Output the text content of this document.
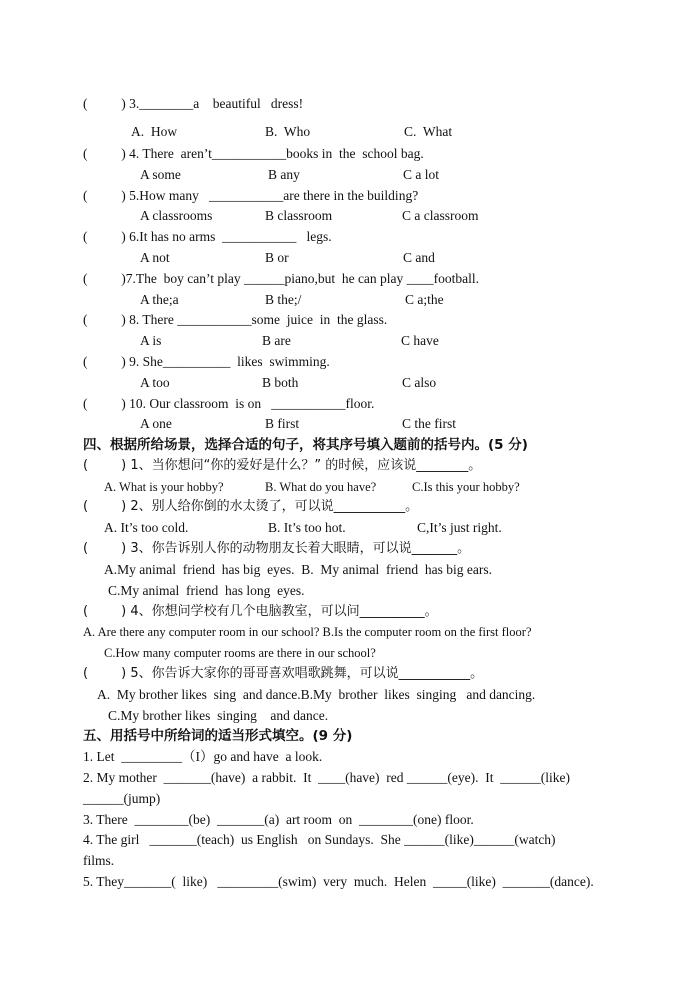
(          ) 3.________a    beautiful   dress!
A.  How	B.  Who	C.  What
(          ) 4. There  aren’t___________books in  the  school bag.
A some	B any	C a lot
(          ) 5.How many   ___________are there in the building?
A classrooms	B classroom	C a classroom
(          ) 6.It has no arms  ___________   legs.
A not	B or	C and
(          )7.The  boy can’t play ______piano,but  he can play ____football.
A the;a	B the;/	C a;the
(          ) 8. There ___________some  juice  in  the glass.
A is	B are	C have
(          ) 9. She__________  likes  swimming.
A too	B both	C also
(          ) 10. Our classroom  is on   ___________floor.
A one	B first	C the first
四、根据所给场景，选择合适的句子，将其序号填入题前的括号内。(5 分)
(        ) 1、当你想问“你的爱好是什么？” 的时候，应该说________。
A. What is your hobby?	B. What do you have?	C.Is this your hobby?
(        ) 2、别人给你倒的水太烫了，可以说___________。
A. It’s too cold.	B. It’s too hot.	C,It’s just right.
(        ) 3、你告诉别人你的动物朋友长着大眼睛，可以说_______。
A.My animal  friend  has big  eyes.  B.  My animal  friend  has big ears.
C.My animal  friend  has long  eyes.
(        ) 4、你想问学校有几个电脑教室，可以问__________。
A. Are there any computer room in our school? B.Is the computer room on the first floor?
C.How many computer rooms are there in our school?
(        ) 5、你告诉大家你的哥哥喜欢唱歌跳舞，可以说___________。
A.  My brother likes  sing  and dance.B.My  brother  likes  singing   and dancing.
C.My brother likes  singing    and dance.
五、用括号中所给词的适当形式填空。(9 分)
1. Let  _________（I）go and have  a look.
2. My mother  _______(have)  a rabbit.  It  ____(have)  red ______(eye).  It  ______(like)
______(jump)
3. There  ________(be)  _______(a)  art room  on  ________(one) floor.
4. The girl   _______(teach)  us English   on Sundays.  She ______(like)______(watch)
films.
5. They_______(  like)   _________(swim)  very  much.  Helen  _____(like)  _______(dance).
